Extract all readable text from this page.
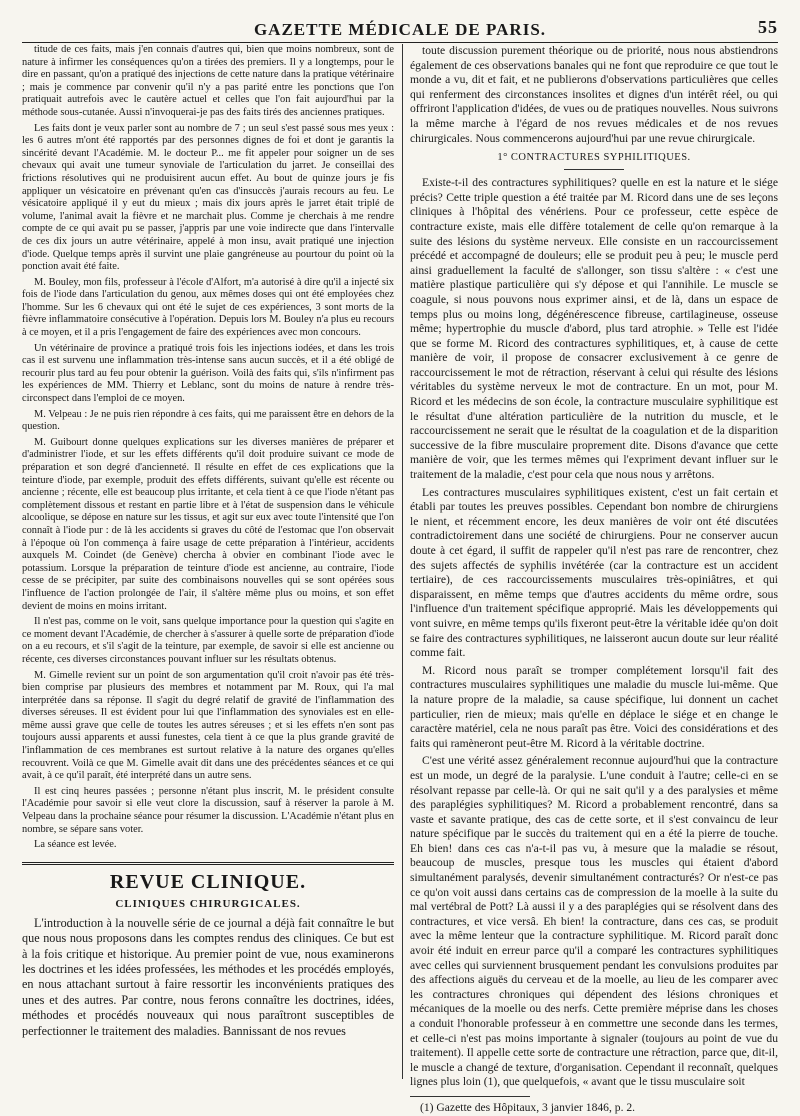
GAZETTE MÉDICALE DE PARIS.	55

titude de ces faits, mais j'en connais d'autres qui, bien que moins nombreux, sont de nature à infirmer les conséquences qu'on a tirées des premiers. Il y a longtemps, pour le dire en passant, qu'on a pratiqué des injections de cette nature dans la pratique vétérinaire ; mais je commence par convenir qu'il n'y a pas parité entre les ponctions que l'on pratiquait autrefois avec le cautère actuel et celles que l'on fait aujourd'hui par la méthode sous-cutanée. Aussi n'invoquerai-je pas des faits tirés des anciennes pratiques.

Les faits dont je veux parler sont au nombre de 7 ; un seul s'est passé sous mes yeux : les 6 autres m'ont été rapportés par des personnes dignes de foi et dont je garantis la sincérité devant l'Académie. M. le docteur P... me fit appeler pour soigner un de ses chevaux qui avait une tumeur synoviale de l'articulation du jarret. Je conseillai des frictions résolutives qui ne produisirent aucun effet. Au bout de quinze jours je fis appliquer un vésicatoire en prévenant qu'en cas d'insuccès j'aurais recours au feu. Le vésicatoire appliqué il y eut du mieux ; mais dix jours après le jarret était triplé de volume, l'animal avait la fièvre et ne marchait plus. Comme je cherchais à me rendre compte de ce qui avait pu se passer, j'appris par une voie indirecte que dans l'intervalle de ces dix jours un autre vétérinaire, appelé à mon insu, avait pratiqué une injection d'iode. Quelque temps après il survint une plaie gangréneuse au pourtour du point où la ponction avait été faite.

M. Bouley, mon fils, professeur à l'école d'Alfort, m'a autorisé à dire qu'il a injecté six fois de l'iode dans l'articulation du genou, aux mêmes doses qui ont été employées chez l'homme. Sur les 6 chevaux qui ont été le sujet de ces expériences, 3 sont morts de la fièvre inflammatoire consécutive à l'opération. Depuis lors M. Bouley n'a plus eu recours à ce moyen, et il a pris l'engagement de faire des expériences avec mon concours.

Un vétérinaire de province a pratiqué trois fois les injections iodées, et dans les trois cas il est survenu une inflammation très-intense sans aucun succès, et il a été obligé de recourir plus tard au feu pour obtenir la guérison. Voilà des faits qui, s'ils n'infirment pas les expériences de MM. Thierry et Leblanc, sont du moins de nature à rendre très-circonspect dans l'emploi de ce moyen.

M. Velpeau : Je ne puis rien répondre à ces faits, qui me paraissent être en dehors de la question.

M. Guibourt donne quelques explications sur les diverses manières de préparer et d'administrer l'iode, et sur les effets différents qu'il doit produire suivant ce mode de préparation et son degré d'ancienneté. Il résulte en effet de ces explications que la teinture d'iode, par exemple, produit des effets différents, suivant qu'elle est récente ou ancienne ; récente, elle est beaucoup plus irritante, et cela tient à ce que l'iode n'étant pas complètement dissous et restant en partie libre et à l'état de suspension dans le véhicule alcoolique, se dépose en nature sur les tissus, et agit sur eux avec toute l'intensité que l'on connaît à l'iode pur : de là les accidents si graves du côté de l'estomac que l'on observait à l'époque où l'on commença à faire usage de cette préparation à l'intérieur, accidents auxquels M. Coindet (de Genève) chercha à obvier en combinant l'iode avec le potassium. Lorsque la préparation de teinture d'iode est ancienne, au contraire, l'iode cesse de se précipiter, par suite des combinaisons nouvelles qui se sont opérées sous l'influence de l'action prolongée de l'air, il s'altère même plus ou moins, et son effet devient de moins en moins irritant.

Il n'est pas, comme on le voit, sans quelque importance pour la question qui s'agite en ce moment devant l'Académie, de chercher à s'assurer à quelle sorte de préparation d'iode on a eu recours, et s'il s'agit de la teinture, par exemple, de savoir si elle est ancienne ou récente, ces diverses circonstances pouvant influer sur les résultats obtenus.

M. Gimelle revient sur un point de son argumentation qu'il croit n'avoir pas été très-bien comprise par plusieurs des membres et notamment par M. Roux, qui l'a mal interprétée dans sa réponse. Il s'agit du degré relatif de gravité de l'inflammation des diverses séreuses. Il est évident pour lui que l'inflammation des synoviales est en elle-même aussi grave que celle de toutes les autres séreuses ; et si les effets n'en sont pas toujours aussi apparents et aussi funestes, cela tient à ce que la plus grande gravité de l'inflammation de ces membranes est surtout relative à la nature des organes qu'elles recouvrent. Voilà ce que M. Gimelle avait dit dans une des précédentes séances et ce qui avait, à ce qu'il paraît, été interprété dans un autre sens.

Il est cinq heures passées ; personne n'étant plus inscrit, M. le président consulte l'Académie pour savoir si elle veut clore la discussion, sauf à réserver la parole à M. Velpeau dans la prochaine séance pour résumer la discussion. L'Académie n'étant plus en nombre, se sépare sans voter.

La séance est levée.

REVUE CLINIQUE.
CLINIQUES CHIRURGICALES.

L'introduction à la nouvelle série de ce journal a déjà fait connaître le but que nous nous proposons dans les comptes rendus des cliniques. Ce but est à la fois critique et historique. Au premier point de vue, nous examinerons les doctrines et les idées professées, les méthodes et les procédés employés, en nous attachant surtout à faire ressortir les inconvénients pratiques des unes et des autres. Par contre, nous ferons connaître les doctrines, idées, méthodes et procédés nouveaux qui nous paraîtront susceptibles de perfectionner le traitement des maladies. Bannissant de nos revues

toute discussion purement théorique ou de priorité, nous nous abstiendrons également de ces observations banales qui ne font que reproduire ce que tout le monde a vu, dit et fait, et ne publierons d'observations particulières que celles qui renferment des circonstances insolites et dignes d'un intérêt réel, ou qui offriront l'application d'idées, de vues ou de pratiques nouvelles. Nous suivrons la même marche à l'égard de nos revues médicales et de nos revues chirurgicales. Nous commencerons aujourd'hui par une revue chirurgicale.

1° CONTRACTURES SYPHILITIQUES.

Existe-t-il des contractures syphilitiques? quelle en est la nature et le siége précis? Cette triple question a été traitée par M. Ricord dans une de ses leçons cliniques à l'hôpital des vénériens. Pour ce professeur, cette espèce de contracture existe, mais elle diffère totalement de celle qu'on remarque à la suite des lésions du système nerveux. Elle consiste en un raccourcissement précédé et accompagné de douleurs; elle se produit peu à peu; le muscle perd ainsi graduellement la faculté de s'allonger, son tissu s'altère : « c'est une matière plastique particulière qui s'y dépose et qui l'annihile. Le muscle se coagule, si nous pouvons nous exprimer ainsi, et de là, dans un espace de temps plus ou moins long, dégénérescence fibreuse, cartilagineuse, osseuse même; hypertrophie du muscle d'abord, plus tard atrophie. » Telle est l'idée que se forme M. Ricord des contractures syphilitiques, et, à cause de cette manière de voir, il propose de consacrer exclusivement à ce genre de raccourcissement le mot de rétraction, réservant à celui qui résulte des lésions véritables du système nerveux le mot de contracture. En un mot, pour M. Ricord et les médecins de son école, la contracture musculaire syphilitique est le résultat d'une altération particulière de la nutrition du muscle, et le raccourcissement ne serait que le résultat de la coagulation et de la disparition successive de la fibre musculaire proprement dite. Disons d'avance que cette manière de voir, que les termes mêmes qui l'expriment devant influer sur le traitement de la maladie, c'est pour cela que nous nous y arrêtons.

Les contractures musculaires syphilitiques existent, c'est un fait certain et établi par toutes les preuves possibles. Cependant bon nombre de chirurgiens le nient, et récemment encore, les deux manières de voir ont été discutées contradictoirement dans une société de chirurgiens. Pour ne conserver aucun doute à cet égard, il suffit de rappeler qu'il n'est pas rare de rencontrer, chez des sujets affectés de syphilis invétérée (car la contracture est un accident tertiaire), de ces raccourcissements musculaires très-opiniâtres, et qui disparaissent, en même temps que d'autres accidents du même ordre, sous l'influence d'un traitement spécifique approprié. Mais les développements qui vont suivre, en même temps qu'ils fixeront peut-être la véritable idée qu'on doit se faire des contractures syphilitiques, ne laisseront aucun doute sur leur réalité comme fait.

M. Ricord nous paraît se tromper complétement lorsqu'il fait des contractures musculaires syphilitiques une maladie du muscle lui-même. Que la nature propre de la maladie, sa cause spécifique, lui donnent un cachet particulier, rien de mieux; mais qu'elle en déplace le siége et en change le caractère matériel, cela ne nous paraît pas être. Voici des considérations et des faits qui ramèneront peut-être M. Ricord à la véritable doctrine.

C'est une vérité assez généralement reconnue aujourd'hui que la contracture est un mode, un degré de la paralysie. L'une conduit à l'autre; celle-ci en se résolvant repasse par celle-là. Or qui ne sait qu'il y a des paralysies et même des paraplégies syphilitiques? M. Ricord a probablement rencontré, dans sa vaste et savante pratique, des cas de cette sorte, et il s'est convaincu de leur nature spécifique par le succès du traitement qui en a été la pierre de touche. Eh bien! dans ces cas n'a-t-il pas vu, à mesure que la maladie se résout, beaucoup de muscles, presque tous les muscles qui étaient d'abord simultanément paralysés, devenir simultanément contracturés? Or n'est-ce pas ce qu'on voit aussi dans certains cas de compression de la moelle à la suite du mal vertébral de Pott? Là aussi il y a des paraplégies qui se résolvent dans des contractures, et vice versâ. Eh bien! la contracture, dans ces cas, se produit avec la même lenteur que la contracture syphilitique. M. Ricord paraît donc avoir été induit en erreur parce qu'il a comparé les contractures syphilitiques avec celles qui surviennent brusquement pendant les convulsions produites par des affections aiguës du cerveau et de la moelle, au lieu de les comparer avec les contractures chroniques qui dépendent des lésions chroniques et mécaniques de la moelle ou des nerfs. Cette première méprise dans les choses a conduit l'honorable professeur à en commettre une seconde dans les termes, et celle-ci n'est pas moins importante à signaler (toujours au point de vue du traitement). Il appelle cette sorte de contracture une rétraction, parce que, dit-il, le muscle a changé de texture, d'organisation. Cependant il reconnaît, quelques lignes plus loin (1), que quelquefois, « avant que le tissu musculaire soit

(1) Gazette des Hôpitaux, 3 janvier 1846, p. 2.
